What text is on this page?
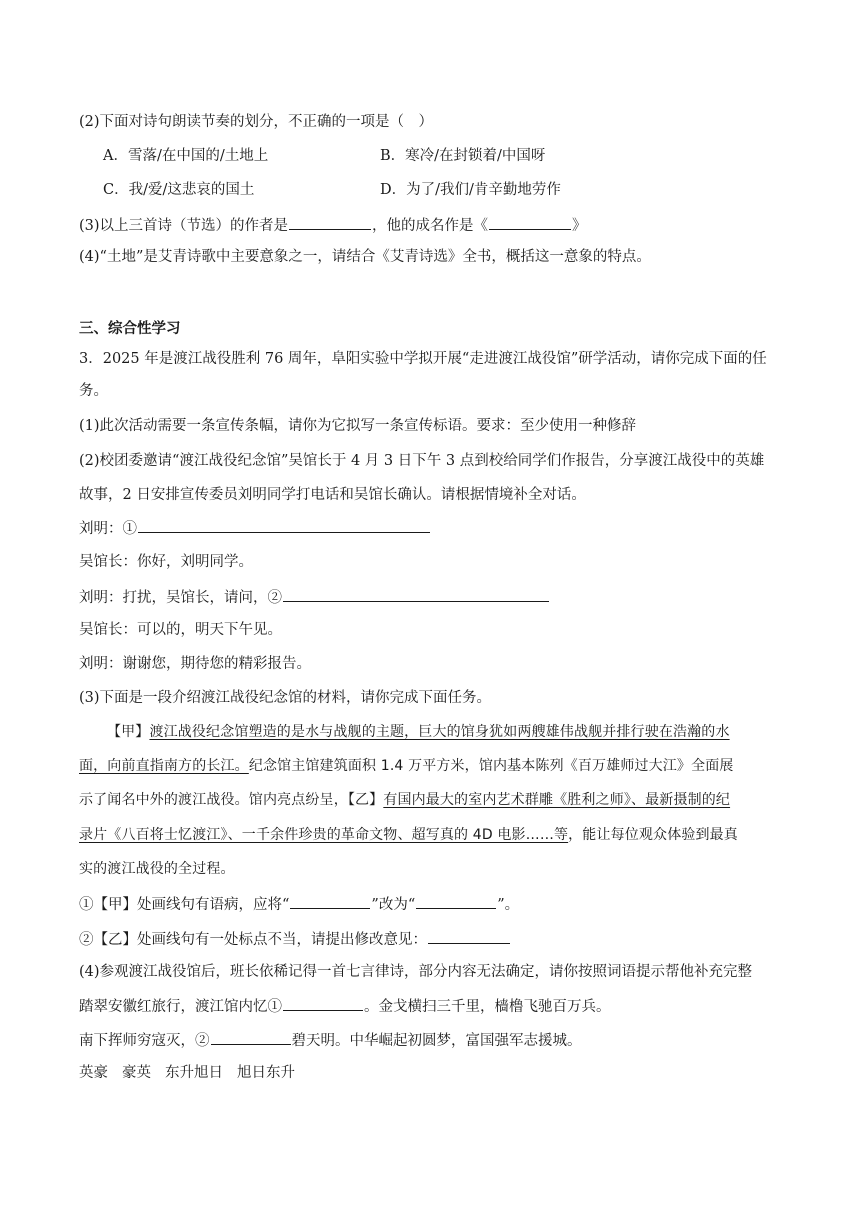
(2)下面对诗句朗读节奏的划分，不正确的一项是（　）
A．雪落/在中国的/土地上	B．寒冷/在封锁着/中国呀
C．我/爱/这悲哀的国土	D．为了/我们/肯辛勤地劳作
(3)以上三首诗（节选）的作者是	，他的成名作是《	》
(4)“土地”是艾青诗歌中主要意象之一，请结合《艾青诗选》全书，概括这一意象的特点。
三、综合性学习
3．2025 年是渡江战役胜利 76 周年，阜阳实验中学拟开展“走进渡江战役馆”研学活动，请你完成下面的任
务。
(1)此次活动需要一条宣传条幅，请你为它拟写一条宣传标语。要求：至少使用一种修辞
(2)校团委邀请“渡江战役纪念馆”吴馆长于 4 月 3 日下午 3 点到校给同学们作报告，分享渡江战役中的英雄
故事，2 日安排宣传委员刘明同学打电话和吴馆长确认。请根据情境补全对话。
刘明：①
吴馆长：你好，刘明同学。
刘明：打扰，吴馆长，请问，②
吴馆长：可以的，明天下午见。
刘明：谢谢您，期待您的精彩报告。
(3)下面是一段介绍渡江战役纪念馆的材料，请你完成下面任务。
【甲】渡江战役纪念馆塑造的是水与战舰的主题，巨大的馆身犹如两艘雄伟战舰并排行驶在浩瀚的水
面，向前直指南方的长江。纪念馆主馆建筑面积 1.4 万平方米，馆内基本陈列《百万雄师过大江》全面展
示了闻名中外的渡江战役。馆内亮点纷呈，【乙】有国内最大的室内艺术群雕《胜利之师》、最新摄制的纪
录片《八百将士忆渡江》、一千余件珍贵的革命文物、超写真的 4D 电影……等，能让每位观众体验到最真
实的渡江战役的全过程。
①【甲】处画线句有语病，应将“	”改为“	”。
②【乙】处画线句有一处标点不当，请提出修改意见：
(4)参观渡江战役馆后，班长依稀记得一首七言律诗，部分内容无法确定，请你按照词语提示帮他补充完整
踏翠安徽红旅行，渡江馆内忆①	。金戈横扫三千里，樯橹飞驰百万兵。
南下挥师穷寇灭，②	碧天明。中华崛起初圆梦，富国强军志援城。
英豪 豪英 东升旭日 旭日东升
